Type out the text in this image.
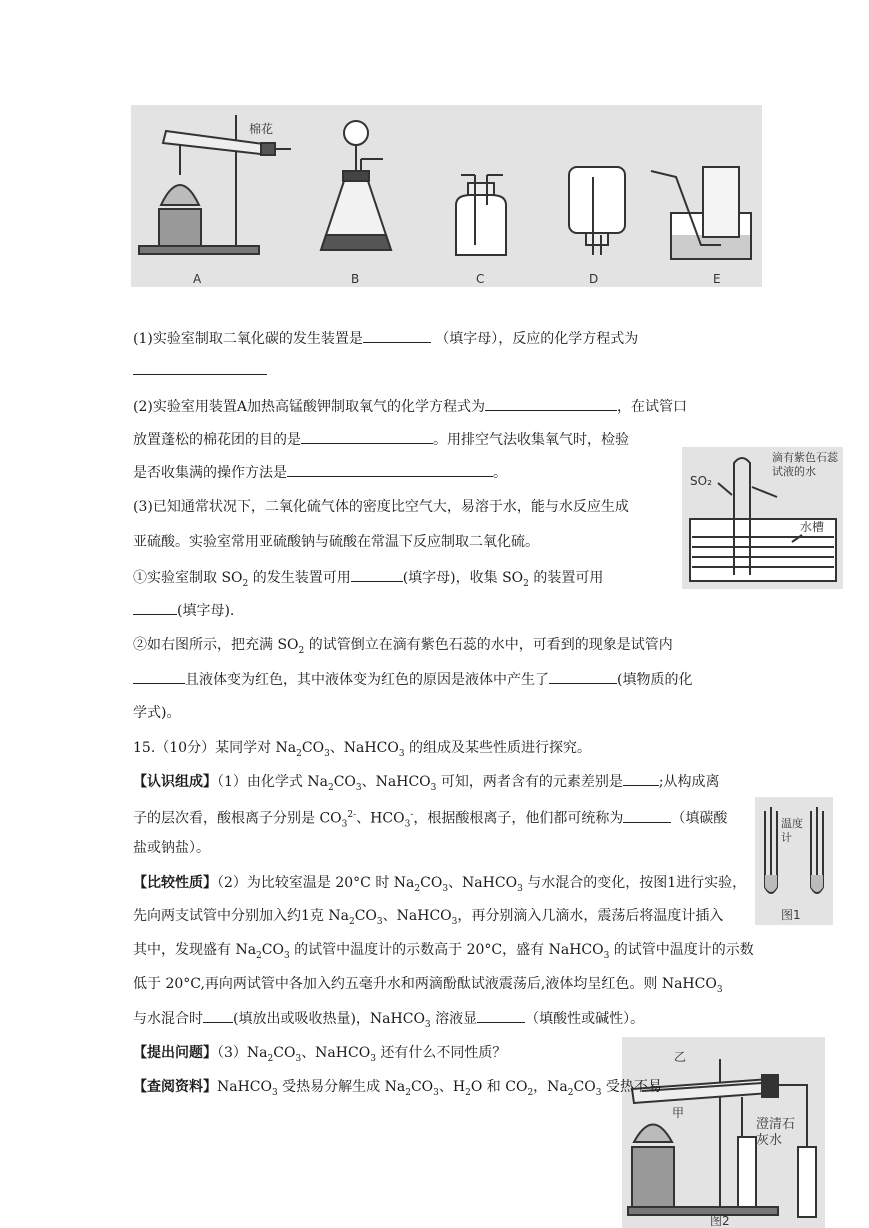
棉花
A	B	C	D	E
SO₂
滴有紫色石蕊试液的水
水槽
温度计
图1
乙
甲
澄清石灰水
图2
(1)实验室制取二氧化碳的发生装置是	（填字母），反应的化学方程式为
(2)实验室用装置A加热高锰酸钾制取氧气的化学方程式为	，在试管口
放置蓬松的棉花团的目的是	。用排空气法收集氧气时，检验
是否收集满的操作方法是	。
(3)已知通常状况下，二氧化硫气体的密度比空气大，易溶于水，能与水反应生成
亚硫酸。实验室常用亚硫酸钠与硫酸在常温下反应制取二氧化硫。
①实验室制取 $SO_2$ 的发生装置可用	(填字母)，收集 $SO_2$ 的装置可用
(填字母).
②如右图所示，把充满 $SO_2$ 的试管倒立在滴有紫色石蕊的水中，可看到的现象是试管内
且液体变为红色，其中液体变为红色的原因是液体中产生了	(填物质的化
学式)。
15.（10分）某同学对 $Na_2CO_3$、NaHCO$_3$ 的组成及某些性质进行探究。
【认识组成】（1）由化学式 $Na_2CO_3$、NaHCO$_3$ 可知，两者含有的元素差别是	;从构成离
子的层次看，酸根离子分别是 $CO_3^{2-}$、$HCO_3^-$，根据酸根离子，他们都可统称为	（填碳酸
盐或钠盐）。
【比较性质】（2）为比较室温是 20°C 时 $Na_2CO_3$、NaHCO$_3$ 与水混合的变化，按图1进行实验，
先向两支试管中分别加入约1克 $Na_2CO_3$、NaHCO$_3$，再分别滴入几滴水，震荡后将温度计插入
其中，发现盛有 $Na_2CO_3$ 的试管中温度计的示数高于 20°C，盛有 NaHCO$_3$ 的试管中温度计的示数
低于 20°C,再向两试管中各加入约五毫升水和两滴酚酞试液震荡后,液体均呈红色。则 NaHCO$_3$
与水混合时 (填放出或吸收热量)，NaHCO$_3$ 溶液显	（填酸性或碱性）。
【提出问题】$(3)Na_2CO_3$、NaHCO$_3$ 还有什么不同性质？
【查阅资料】NaHCO$_3$ 受热易分解生成 $Na_2CO_3$、$H_2O$ 和 $CO_2$，$Na_2CO_3$ 受热不易
